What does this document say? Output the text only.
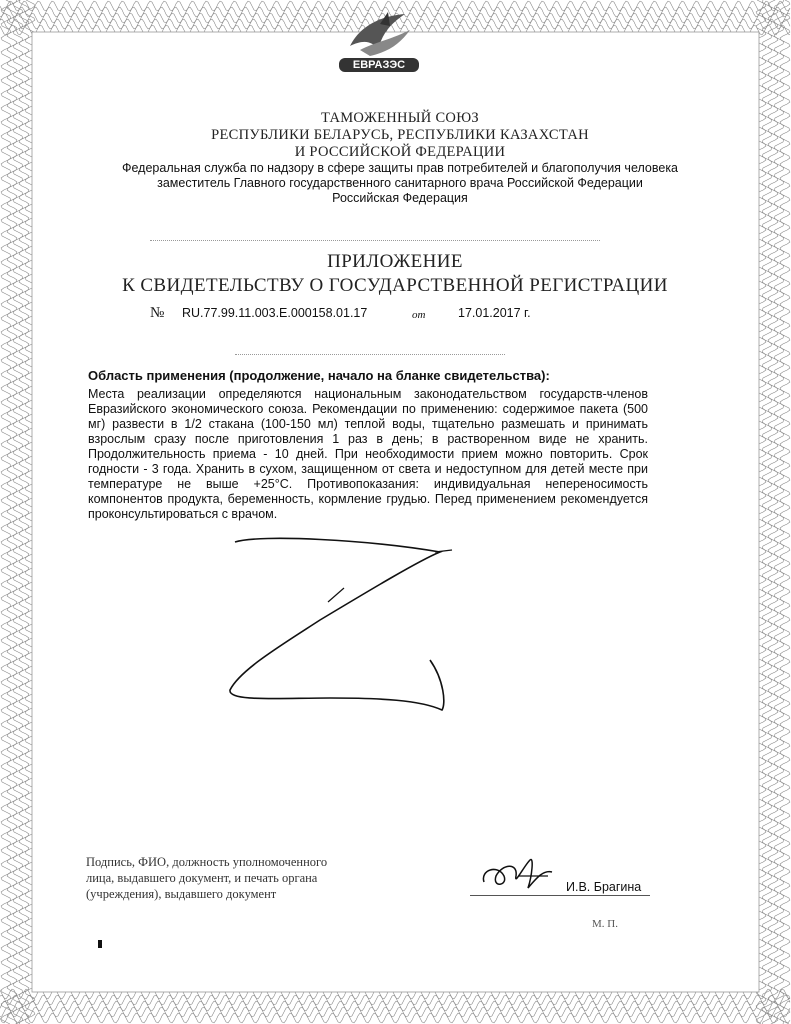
ЕВРАЗЭС
ТАМОЖЕННЫЙ СОЮЗ
РЕСПУБЛИКИ БЕЛАРУСЬ, РЕСПУБЛИКИ КАЗАХСТАН
И РОССИЙСКОЙ ФЕДЕРАЦИИ
Федеральная служба по надзору в сфере защиты прав потребителей и благополучия человека
заместитель Главного государственного санитарного врача Российской Федерации
Российская Федерация
ПРИЛОЖЕНИЕ
К СВИДЕТЕЛЬСТВУ О ГОСУДАРСТВЕННОЙ РЕГИСТРАЦИИ
№ RU.77.99.11.003.Е.000158.01.17	от	17.01.2017 г.
Область применения (продолжение, начало на бланке свидетельства):
Места реализации определяются национальным законодательством государств-членов Евразийского экономического союза. Рекомендации по применению: содержимое пакета (500 мг) развести в 1/2 стакана (100-150 мл) теплой воды, тщательно размешать и принимать взрослым сразу после приготовления 1 раз в день; в растворенном виде не хранить. Продолжительность приема - 10 дней. При необходимости прием можно повторить. Срок годности - 3 года. Хранить в сухом, защищенном от света и недоступном для детей месте при температуре не выше +25°С. Противопоказания: индивидуальная непереносимость компонентов продукта, беременность, кормление грудью. Перед применением рекомендуется проконсультироваться с врачом.
Подпись, ФИО, должность уполномоченного
лица, выдавшего документ, и печать органа
(учреждения), выдавшего документ	И.В. Брагина
М. П.
